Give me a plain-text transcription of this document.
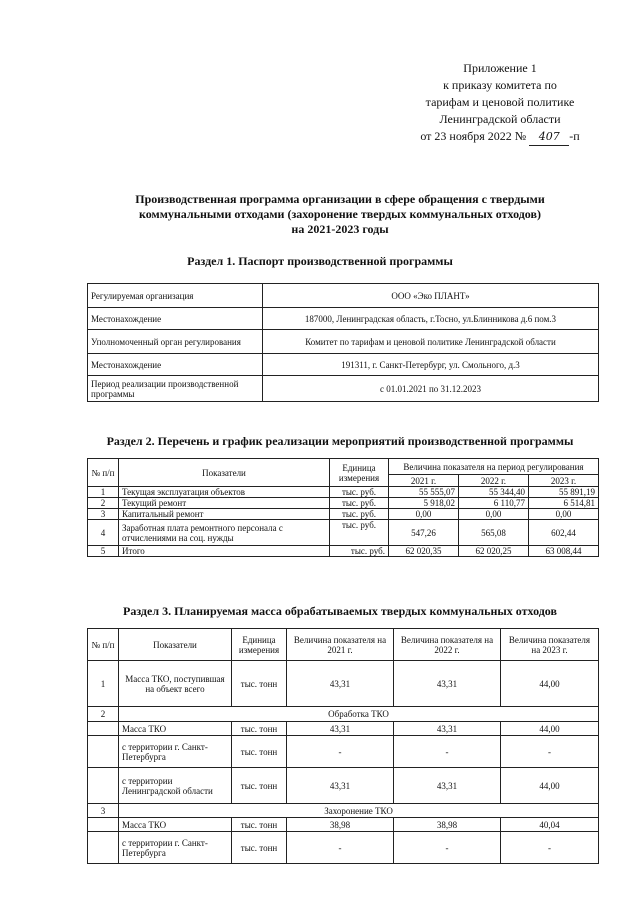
Приложение 1
к приказу комитета по
тарифам и ценовой политике
Ленинградской области
от 23 ноября 2022 № 407 -п
Производственная программа организации в сфере обращения с твердыми
коммунальными отходами (захоронение твердых коммунальных отходов)
на 2021-2023 годы
Раздел 1. Паспорт производственной программы
Регулируемая организация	ООО «Эко ПЛАНТ»
Местонахождение	187000, Ленинградская область, г.Тосно, ул.Блинникова д.6 пом.3
Уполномоченный орган регулирования	Комитет по тарифам и ценовой политике Ленинградской области
Местонахождение	191311, г. Санкт-Петербург, ул. Смольного, д.3
Период реализации производственной программы	с 01.01.2021 по 31.12.2023
Раздел 2. Перечень и график реализации мероприятий производственной программы
№ п/п	Показатели	Единица измерения	Величина показателя на период регулирования		
			2021 г.	2022 г.	2023 г.
1	Текущая эксплуатация объектов	тыс. руб.	55 555,07	55 344,40	55 891,19
2	Текущий ремонт	тыс. руб.	5 918,02	6 110,77	6 514,81
3	Капитальный ремонт	тыс. руб.	0,00	0,00	0,00
4	Заработная плата ремонтного персонала с отчислениями на соц. нужды	тыс. руб.	547,26	565,08	602,44
5	Итого	тыс. руб.	62 020,35	62 020,25	63 008,44
Раздел 3. Планируемая масса обрабатываемых твердых коммунальных отходов
№ п/п	Показатели	Единица измерения	Величина показателя на 2021 г.	Величина показателя на 2022 г.	Величина показателя на 2023 г.
1	Масса ТКО, поступившая на объект всего	тыс. тонн	43,31	43,31	44,00
2	Обработка ТКО				
	Масса ТКО	тыс. тонн	43,31	43,31	44,00
	с территории г. Санкт-Петербурга	тыс. тонн	-	-	-
	с территории Ленинградской области	тыс. тонн	43,31	43,31	44,00
3	Захоронение ТКО				
	Масса ТКО	тыс. тонн	38,98	38,98	40,04
	с территории г. Санкт-Петербурга	тыс. тонн	-	-	-
